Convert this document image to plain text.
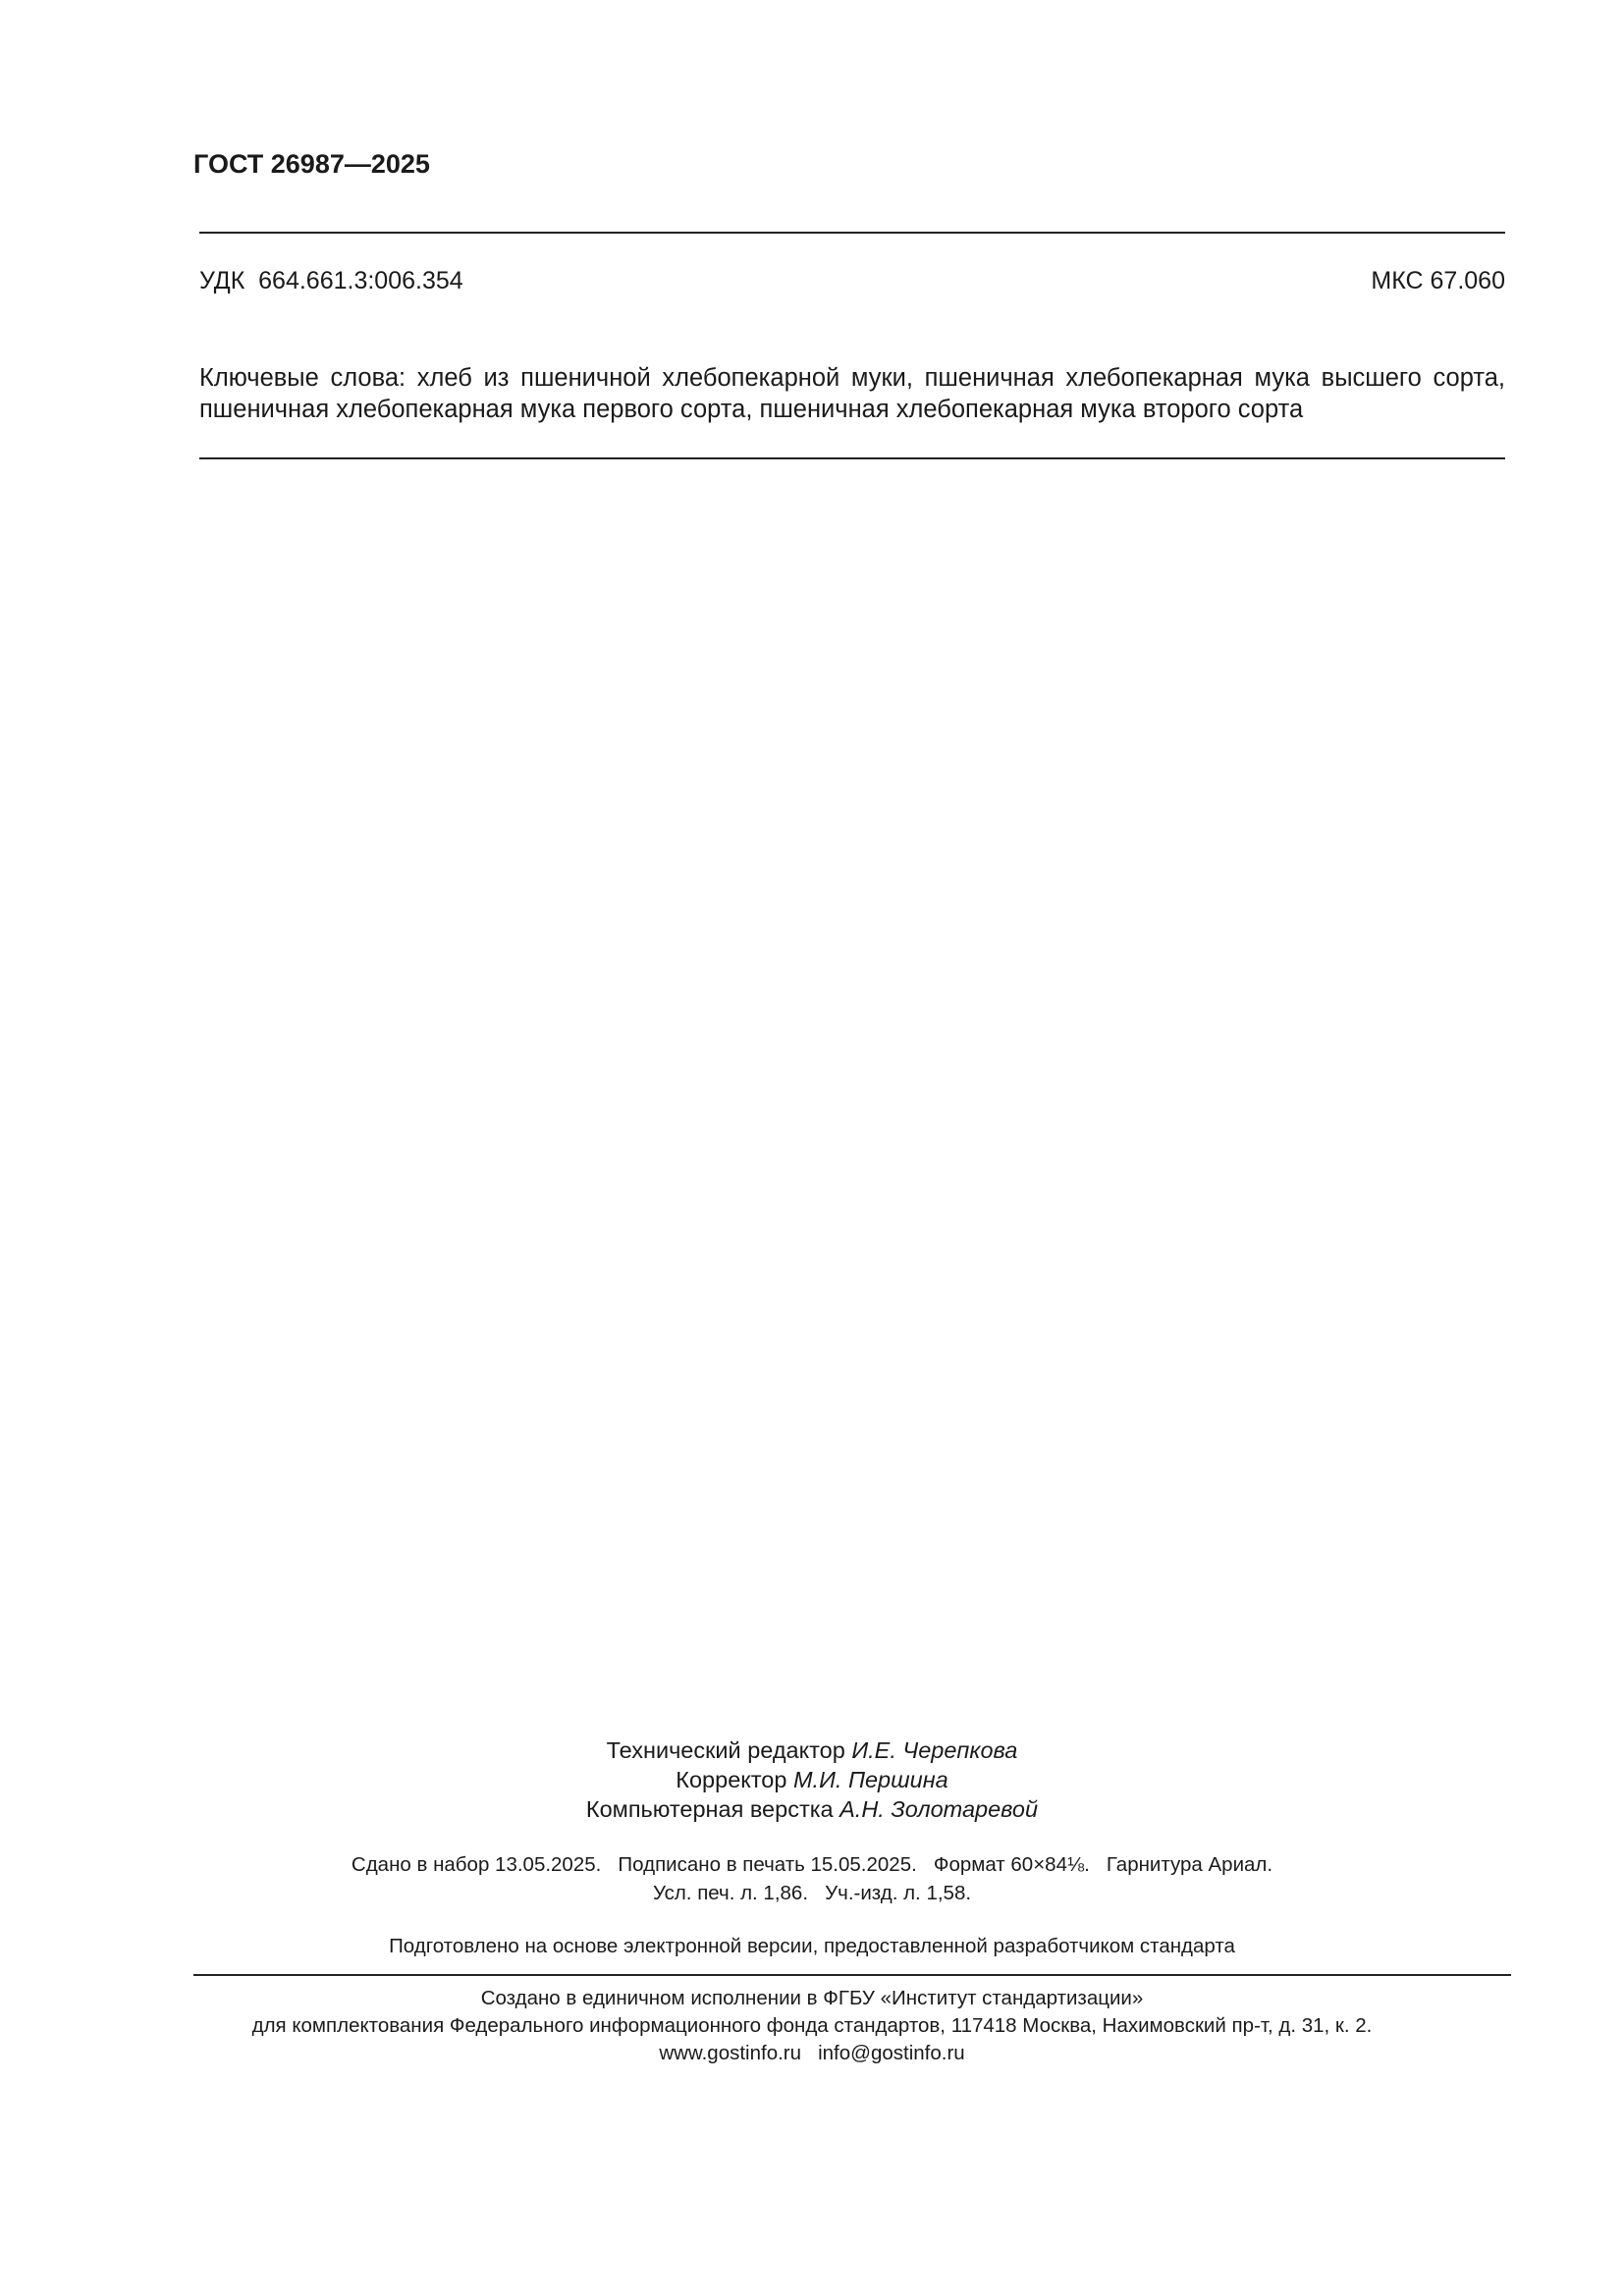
ГОСТ 26987—2025
УДК  664.661.3:006.354	МКС 67.060
Ключевые слова: хлеб из пшеничной хлебопекарной муки, пшеничная хлебопекарная мука высшего сорта, пшеничная хлебопекарная мука первого сорта, пшеничная хлебопекарная мука второго сорта
Технический редактор И.Е. Черепкова
Корректор М.И. Першина
Компьютерная верстка А.Н. Золотаревой
Сдано в набор 13.05.2025.   Подписано в печать 15.05.2025.   Формат 60×84⅛.   Гарнитура Ариал.
Усл. печ. л. 1,86.   Уч.-изд. л. 1,58.
Подготовлено на основе электронной версии, предоставленной разработчиком стандарта
Создано в единичном исполнении в ФГБУ «Институт стандартизации»
для комплектования Федерального информационного фонда стандартов, 117418 Москва, Нахимовский пр-т, д. 31, к. 2.
www.gostinfo.ru   info@gostinfo.ru
